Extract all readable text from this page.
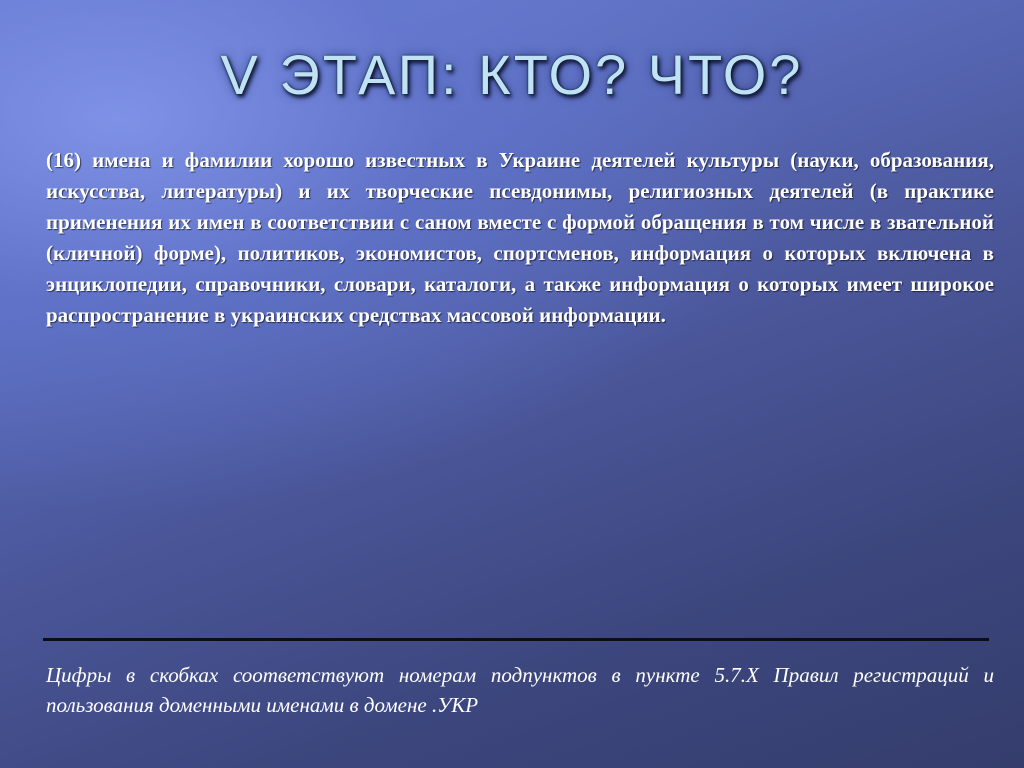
V ЭТАП: КТО? ЧТО?

(16) имена и фамилии хорошо известных в Украине деятелей культуры (науки, образования, искусства, литературы) и их творческие псевдонимы, религиозных деятелей (в практике применения их имен в соответствии с саном вместе с формой обращения в том числе в звательной (кличной) форме), политиков, экономистов, спортсменов, информация о которых включена в энциклопедии, справочники, словари, каталоги, а также информация о которых имеет широкое распространение в украинских средствах массовой информации.

Цифры в скобках соответствуют номерам подпунктов в пункте 5.7.X Правил регистраций и пользования доменными именами в домене .УКР
